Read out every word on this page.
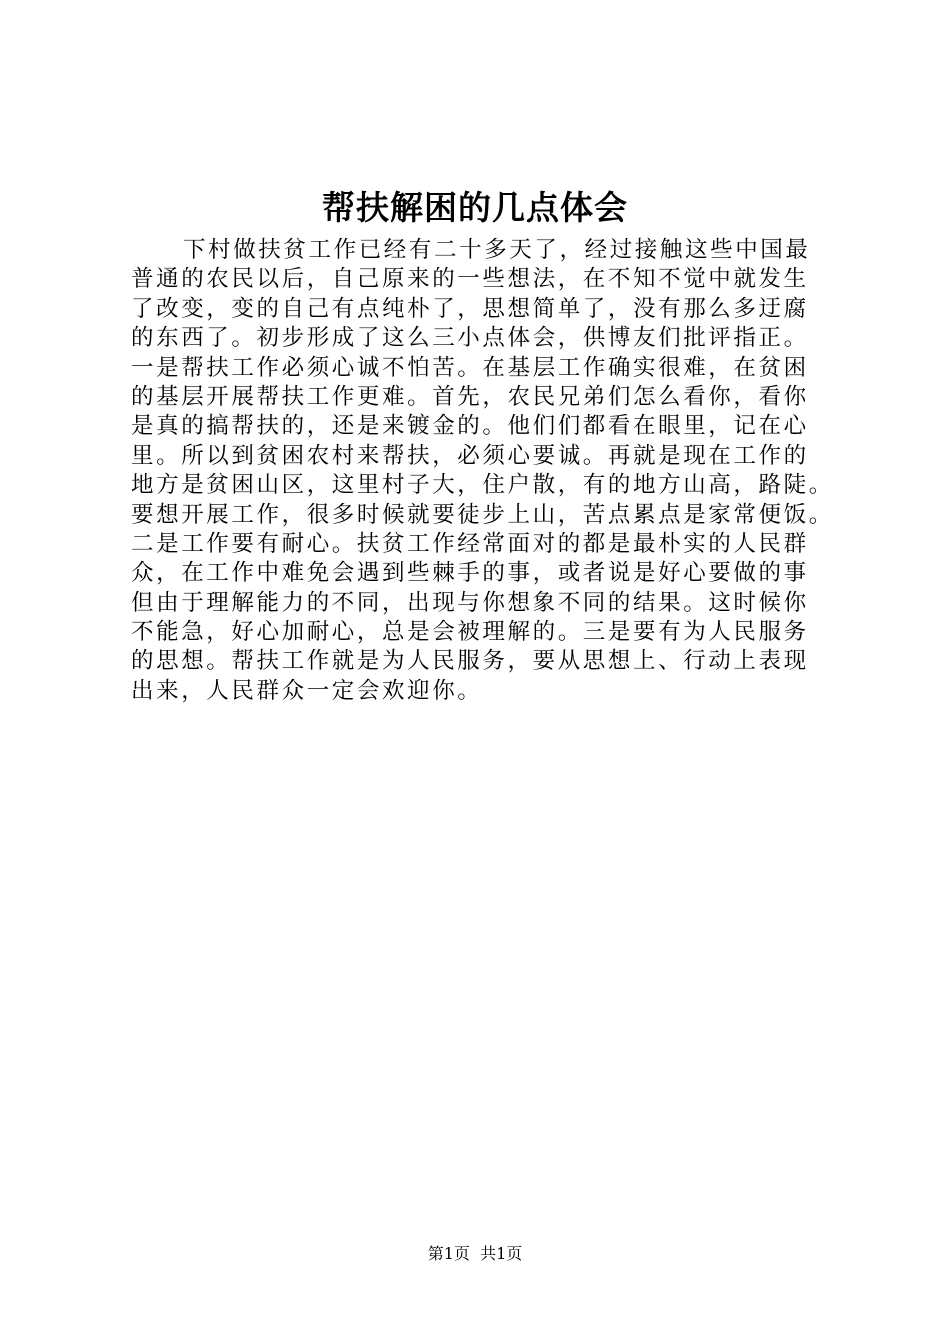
帮扶解困的几点体会
下村做扶贫工作已经有二十多天了，经过接触这些中国最
普通的农民以后，自己原来的一些想法，在不知不觉中就发生
了改变，变的自己有点纯朴了，思想简单了，没有那么多迂腐
的东西了。初步形成了这么三小点体会，供博友们批评指正。
一是帮扶工作必须心诚不怕苦。在基层工作确实很难，在贫困
的基层开展帮扶工作更难。首先，农民兄弟们怎么看你，看你
是真的搞帮扶的，还是来镀金的。他们们都看在眼里，记在心
里。所以到贫困农村来帮扶，必须心要诚。再就是现在工作的
地方是贫困山区，这里村子大，住户散，有的地方山高，路陡。
要想开展工作，很多时候就要徒步上山，苦点累点是家常便饭。
二是工作要有耐心。扶贫工作经常面对的都是最朴实的人民群
众，在工作中难免会遇到些棘手的事，或者说是好心要做的事
但由于理解能力的不同，出现与你想象不同的结果。这时候你
不能急，好心加耐心，总是会被理解的。三是要有为人民服务
的思想。帮扶工作就是为人民服务，要从思想上、行动上表现
出来，人民群众一定会欢迎你。
第1页  共1页
